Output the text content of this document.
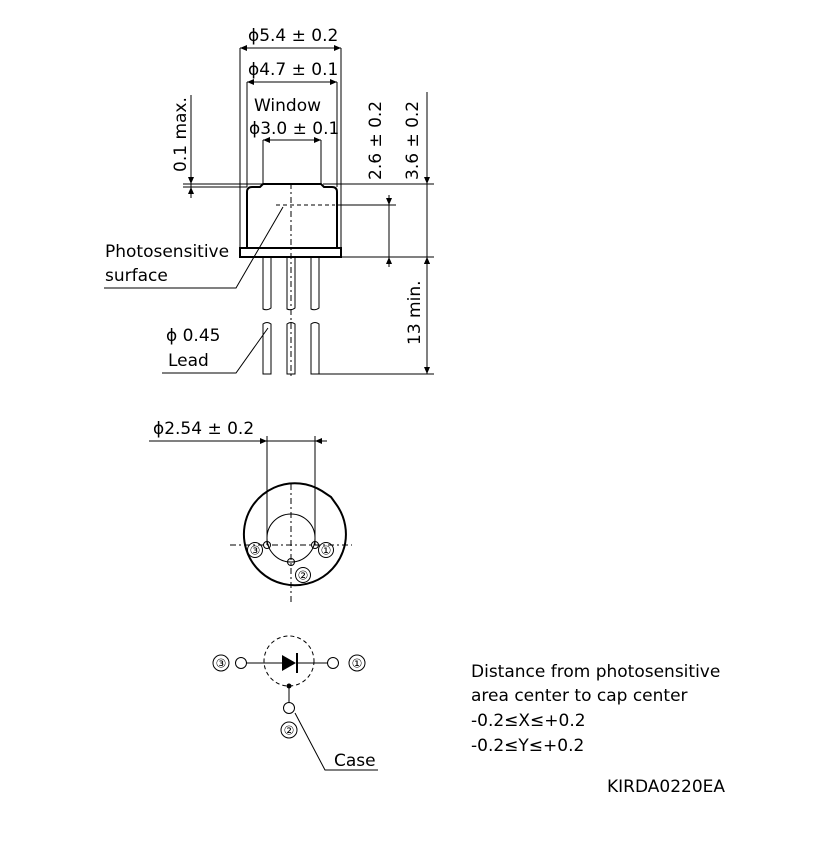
ϕ5.4 ± 0.2
ϕ4.7 ± 0.1
Window
ϕ3.0 ± 0.1
0.1 max.	2.6 ± 0.2 3.6 ± 0.2
13 min.
Photosensitive
surface
ϕ 0.45
Lead
ϕ2.54 ± 0.2
③	①
②
③	①
②
Case
Distance from photosensitive
area center to cap center
-0.2≤X≤+0.2
-0.2≤Y≤+0.2
KIRDA0220EA
